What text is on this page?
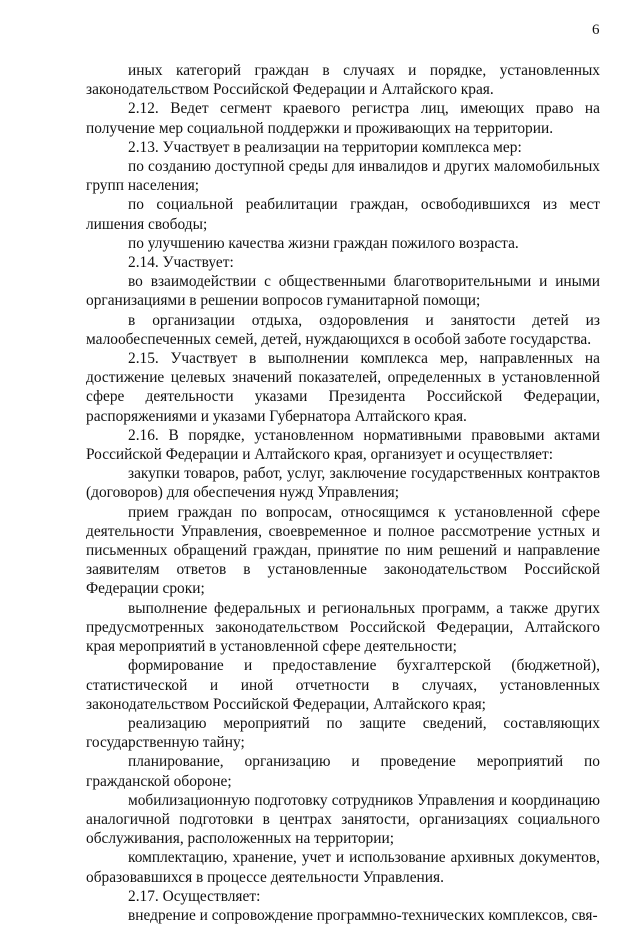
6

иных категорий граждан в случаях и порядке, установленных законодательством Российской Федерации и Алтайского края.

2.12. Ведет сегмент краевого регистра лиц, имеющих право на получение мер социальной поддержки и проживающих на территории.

2.13. Участвует в реализации на территории комплекса мер:

по созданию доступной среды для инвалидов и других маломобильных групп населения;

по социальной реабилитации граждан, освободившихся из мест лишения свободы;

по улучшению качества жизни граждан пожилого возраста.

2.14. Участвует:

во взаимодействии с общественными благотворительными и иными организациями в решении вопросов гуманитарной помощи;

в организации отдыха, оздоровления и занятости детей из малообеспеченных семей, детей, нуждающихся в особой заботе государства.

2.15. Участвует в выполнении комплекса мер, направленных на достижение целевых значений показателей, определенных в установленной сфере деятельности указами Президента Российской Федерации, распоряжениями и указами Губернатора Алтайского края.

2.16. В порядке, установленном нормативными правовыми актами Российской Федерации и Алтайского края, организует и осуществляет:

закупки товаров, работ, услуг, заключение государственных контрактов (договоров) для обеспечения нужд Управления;

прием граждан по вопросам, относящимся к установленной сфере деятельности Управления, своевременное и полное рассмотрение устных и письменных обращений граждан, принятие по ним решений и направление заявителям ответов в установленные законодательством Российской Федерации сроки;

выполнение федеральных и региональных программ, а также других предусмотренных законодательством Российской Федерации, Алтайского края мероприятий в установленной сфере деятельности;

формирование и предоставление бухгалтерской (бюджетной), статистической и иной отчетности в случаях, установленных законодательством Российской Федерации, Алтайского края;

реализацию мероприятий по защите сведений, составляющих государственную тайну;

планирование, организацию и проведение мероприятий по гражданской обороне;

мобилизационную подготовку сотрудников Управления и координацию аналогичной подготовки в центрах занятости, организациях социального обслуживания, расположенных на территории;

комплектацию, хранение, учет и использование архивных документов, образовавшихся в процессе деятельности Управления.

2.17. Осуществляет:

внедрение и сопровождение программно-технических комплексов, свя-
